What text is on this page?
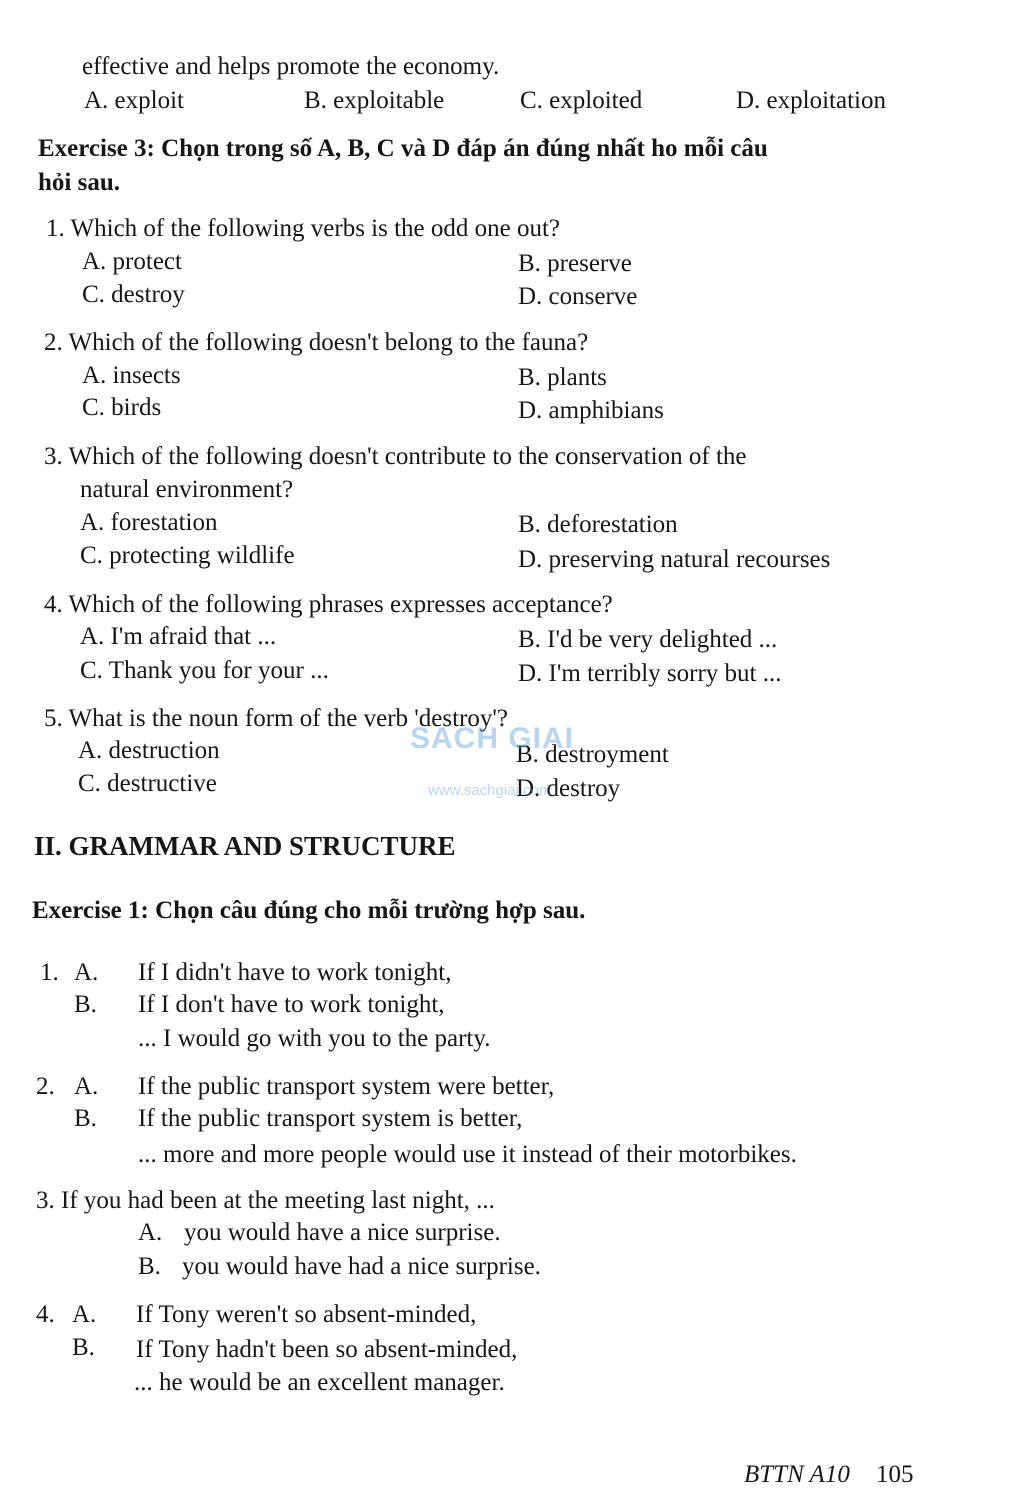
effective and helps promote the economy.
A. exploit	B. exploitable	C. exploited	D. exploitation
Exercise 3: Chọn trong số A, B, C và D đáp án đúng nhất ho mỗi câu
hỏi sau.
1. Which of the following verbs is the odd one out?
A. protect	B. preserve
C. destroy	D. conserve
2. Which of the following doesn't belong to the fauna?
A. insects	B. plants
C. birds	D. amphibians
3. Which of the following doesn't contribute to the conservation of the
natural environment?
A. forestation	B. deforestation
C. protecting wildlife	D. preserving natural recourses
4. Which of the following phrases expresses acceptance?
A. I'm afraid that ...	B. I'd be very delighted ...
C. Thank you for your ...	D. I'm terribly sorry but ...
5. What is the noun form of the verb 'destroy'?
A. destruction	B. destroyment
C. destructive	D. destroy
SACH GIAI
www.sachgiai.com
II. GRAMMAR AND STRUCTURE
Exercise 1: Chọn câu đúng cho mỗi trường hợp sau.
1. A. If I didn't have to work tonight,
B. If I don't have to work tonight,
... I would go with you to the party.
2. A. If the public transport system were better,
B. If the public transport system is better,
... more and more people would use it instead of their motorbikes.
3. If you had been at the meeting last night, ...
A. you would have a nice surprise.
B. you would have had a nice surprise.
4. A. If Tony weren't so absent-minded,
B. If Tony hadn't been so absent-minded,
... he would be an excellent manager.
BTTN A10 105
